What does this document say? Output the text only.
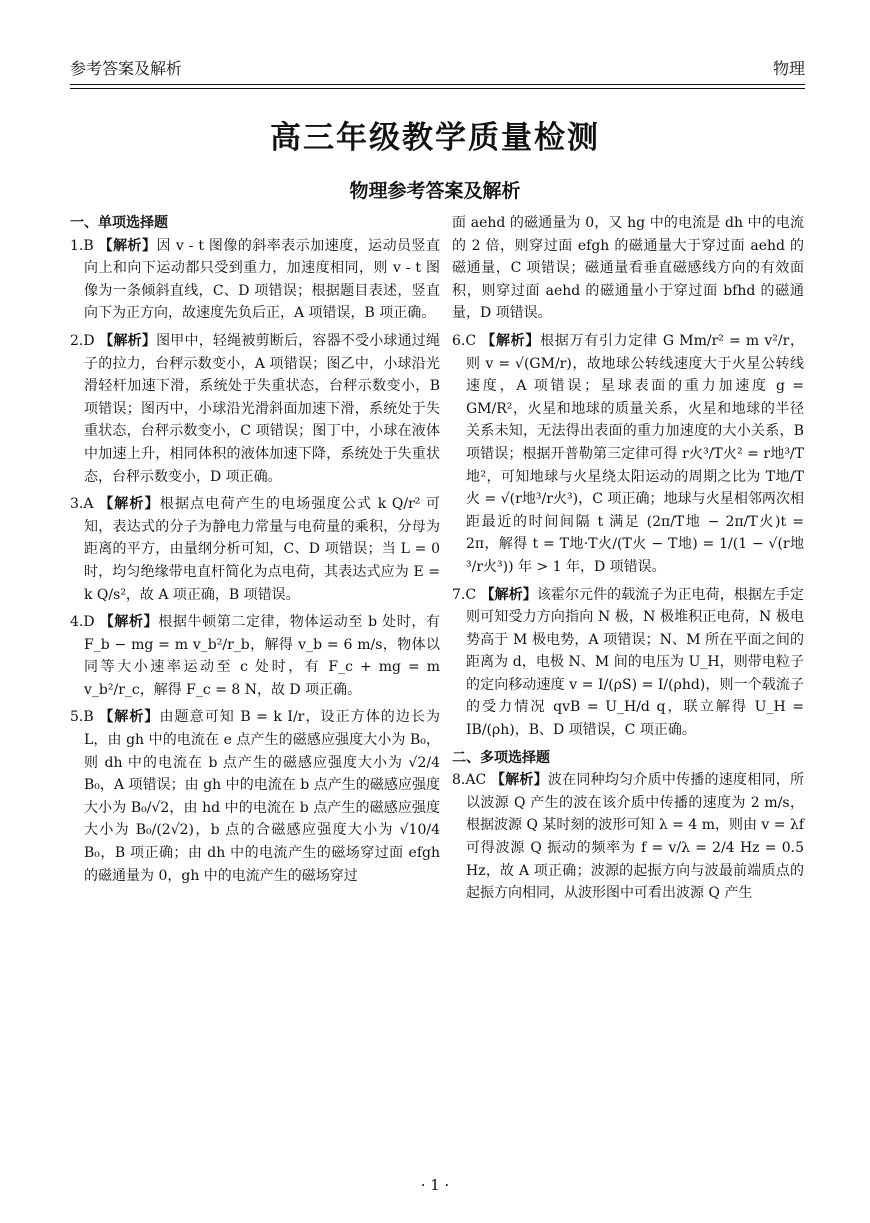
参考答案及解析	物理
高三年级教学质量检测
物理参考答案及解析
一、单项选择题

1.B 【解析】因 v - t 图像的斜率表示加速度，运动员竖直向上和向下运动都只受到重力，加速度相同，则 v - t 图像为一条倾斜直线，C、D 项错误；根据题目表述，竖直向下为正方向，故速度先负后正，A 项错误，B 项正确。

2.D 【解析】图甲中，轻绳被剪断后，容器不受小球通过绳子的拉力，台秤示数变小，A 项错误；图乙中，小球沿光滑轻杆加速下滑，系统处于失重状态，台秤示数变小，B 项错误；图丙中，小球沿光滑斜面加速下滑，系统处于失重状态，台秤示数变小，C 项错误；图丁中，小球在液体中加速上升，相同体积的液体加速下降，系统处于失重状态，台秤示数变小，D 项正确。

3.A 【解析】根据点电荷产生的电场强度公式 k Q/r² 可知，表达式的分子为静电力常量与电荷量的乘积，分母为距离的平方，由量纲分析可知，C、D 项错误；当 L = 0 时，均匀绝缘带电直杆简化为点电荷，其表达式应为 E = k Q/s²，故 A 项正确，B 项错误。

4.D 【解析】根据牛顿第二定律，物体运动至 b 处时，有 F_b − mg = m v_b²/r_b，解得 v_b = 6 m/s，物体以同等大小速率运动至 c 处时，有 F_c + mg = m v_b²/r_c，解得 F_c = 8 N，故 D 项正确。

5.B 【解析】由题意可知 B = k I/r，设正方体的边长为 L，由 gh 中的电流在 e 点产生的磁感应强度大小为 B₀，则 dh 中的电流在 b 点产生的磁感应强度大小为 √2/4 B₀，A 项错误；由 gh 中的电流在 b 点产生的磁感应强度大小为 B₀/√2，由 hd 中的电流在 b 点产生的磁感应强度大小为 B₀/(2√2)，b 点的合磁感应强度大小为 √10/4 B₀，B 项正确；由 dh 中的电流产生的磁场穿过面 efgh 的磁通量为 0，gh 中的电流产生的磁场穿过

面 aehd 的磁通量为 0，又 hg 中的电流是 dh 中的电流的 2 倍，则穿过面 efgh 的磁通量大于穿过面 aehd 的磁通量，C 项错误；磁通量看垂直磁感线方向的有效面积，则穿过面 aehd 的磁通量小于穿过面 bfhd 的磁通量，D 项错误。

6.C 【解析】根据万有引力定律 G Mm/r² = m v²/r，则 v = √(GM/r)，故地球公转线速度大于火星公转线速度，A 项错误；星球表面的重力加速度 g = GM/R²，火星和地球的质量关系，火星和地球的半径关系未知，无法得出表面的重力加速度的大小关系，B 项错误；根据开普勒第三定律可得 r火³/T火² = r地³/T地²，可知地球与火星绕太阳运动的周期之比为 T地/T火 = √(r地³/r火³)，C 项正确；地球与火星相邻两次相距最近的时间间隔 t 满足 (2π/T地 − 2π/T火)t = 2π，解得 t = T地·T火/(T火 − T地) = 1/(1 − √(r地³/r火³)) 年 > 1 年，D 项错误。

7.C 【解析】该霍尔元件的载流子为正电荷，根据左手定则可知受力方向指向 N 极，N 极堆积正电荷，N 极电势高于 M 极电势，A 项错误；N、M 所在平面之间的距离为 d，电极 N、M 间的电压为 U_H，则带电粒子的定向移动速度 v = I/(ρS) = I/(ρhd)，则一个载流子的受力情况 qvB = U_H/d q，联立解得 U_H = IB/(ρh)，B、D 项错误，C 项正确。

二、多项选择题

8.AC 【解析】波在同种均匀介质中传播的速度相同，所以波源 Q 产生的波在该介质中传播的速度为 2 m/s，根据波源 Q 某时刻的波形可知 λ = 4 m，则由 v = λf 可得波源 Q 振动的频率为 f = v/λ = 2/4 Hz = 0.5 Hz，故 A 项正确；波源的起振方向与波最前端质点的起振方向相同，从波形图中可看出波源 Q 产生

· 1 ·
